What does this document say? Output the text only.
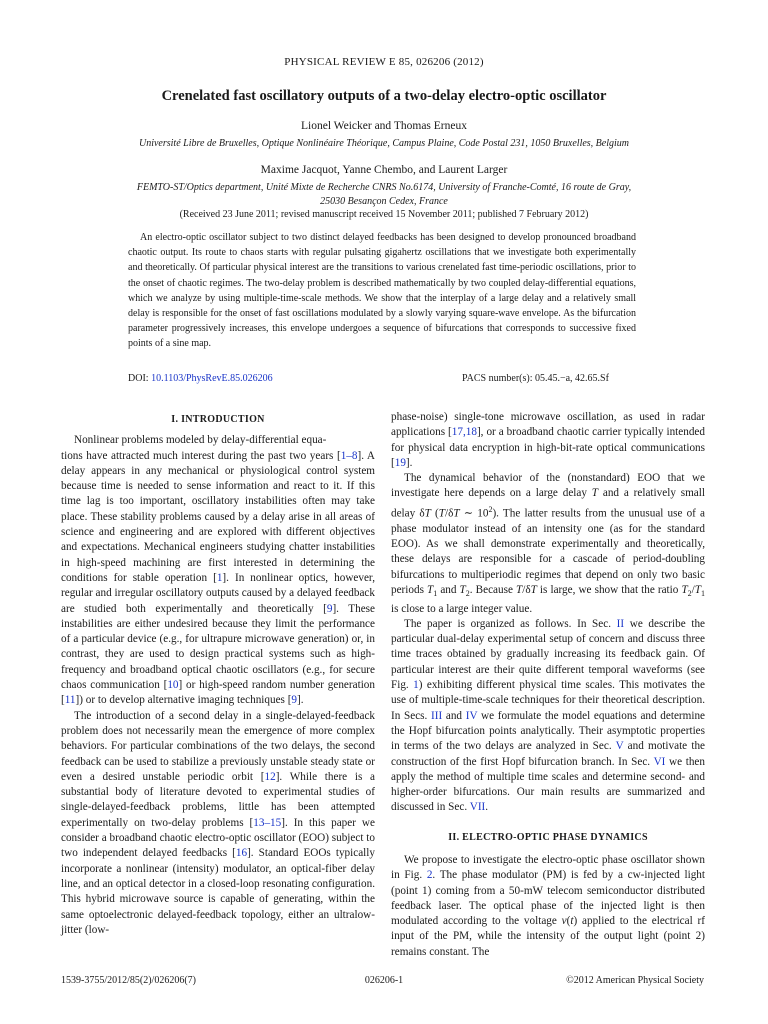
PHYSICAL REVIEW E 85, 026206 (2012)
Crenelated fast oscillatory outputs of a two-delay electro-optic oscillator
Lionel Weicker and Thomas Erneux
Université Libre de Bruxelles, Optique Nonlinéaire Théorique, Campus Plaine, Code Postal 231, 1050 Bruxelles, Belgium
Maxime Jacquot, Yanne Chembo, and Laurent Larger
FEMTO-ST/Optics department, Unité Mixte de Recherche CNRS No.6174, University of Franche-Comté, 16 route de Gray,
25030 Besançon Cedex, France
(Received 23 June 2011; revised manuscript received 15 November 2011; published 7 February 2012)

An electro-optic oscillator subject to two distinct delayed feedbacks has been designed to develop pronounced broadband chaotic output. Its route to chaos starts with regular pulsating gigahertz oscillations that we investigate both experimentally and theoretically. Of particular physical interest are the transitions to various crenelated fast time-periodic oscillations, prior to the onset of chaotic regimes. The two-delay problem is described mathematically by two coupled delay-differential equations, which we analyze by using multiple-time-scale methods. We show that the interplay of a large delay and a relatively small delay is responsible for the onset of fast oscillations modulated by a slowly varying square-wave envelope. As the bifurcation parameter progressively increases, this envelope undergoes a sequence of bifurcations that corresponds to successive fixed points of a sine map.

DOI: 10.1103/PhysRevE.85.026206	PACS number(s): 05.45.−a, 42.65.Sf
I. INTRODUCTION

Nonlinear problems modeled by delay-differential equa-
tions have attracted much interest during the past two years [1–8]. A delay appears in any mechanical or physiological control system because time is needed to sense information and react to it. If this time lag is too important, oscillatory instabilities often may take place. These stability problems caused by a delay arise in all areas of science and engineering and are explored with different objectives and expectations. Mechanical engineers studying chatter instabilities in high-speed machining are first interested in determining the conditions for stable operation [1]. In nonlinear optics, however, regular and irregular oscillatory outputs caused by a delayed feedback are studied both experimentally and theoretically [9]. These instabilities are either undesired because they limit the performance of a particular device (e.g., for ultrapure microwave generation) or, in contrast, they are used to design practical systems such as high-frequency and broadband optical chaotic oscillators (e.g., for secure chaos communication [10] or high-speed random number generation [11]) or to develop alternative imaging techniques [9].

The introduction of a second delay in a single-delayed-feedback problem does not necessarily mean the emergence of more complex behaviors. For particular combinations of the two delays, the second feedback can be used to stabilize a previously unstable steady state or even a desired unstable periodic orbit [12]. While there is a substantial body of literature devoted to experimental studies of single-delayed-feedback problems, little has been attempted experimentally on two-delay problems [13–15]. In this paper we consider a broadband chaotic electro-optic oscillator (EOO) subject to two independent delayed feedbacks [16]. Standard EOOs typically incorporate a nonlinear (intensity) modulator, an optical-fiber delay line, and an optical detector in a closed-loop resonating configuration. This hybrid microwave source is capable of generating, within the same optoelectronic delayed-feedback topology, either an ultralow-jitter (low-

phase-noise) single-tone microwave oscillation, as used in radar applications [17,18], or a broadband chaotic carrier typically intended for physical data encryption in high-bit-rate optical communications [19].

The dynamical behavior of the (nonstandard) EOO that we investigate here depends on a large delay T and a relatively small delay δT (T/δT ∼ $10^2$). The latter results from the unusual use of a phase modulator instead of an intensity one (as for the standard EOO). As we shall demonstrate experimentally and theoretically, these delays are responsible for a cascade of period-doubling bifurcations to multiperiodic regimes that depend on only two basic periods $T_1$ and $T_2$. Because T/δT is large, we show that the ratio $T_2/T_1$ is close to a large integer value.

The paper is organized as follows. In Sec. II we describe the particular dual-delay experimental setup of concern and discuss three time traces obtained by gradually increasing its feedback gain. Of particular interest are their quite different temporal waveforms (see Fig. 1) exhibiting different physical time scales. This motivates the use of multiple-time-scale techniques for their theoretical description. In Secs. III and IV we formulate the model equations and determine the Hopf bifurcation points analytically. Their asymptotic properties in terms of the two delays are analyzed in Sec. V and motivate the construction of the first Hopf bifurcation branch. In Sec. VI we then apply the method of multiple time scales and determine second- and higher-order bifurcations. Our main results are summarized and discussed in Sec. VII.

II. ELECTRO-OPTIC PHASE DYNAMICS

We propose to investigate the electro-optic phase oscillator shown in Fig. 2. The phase modulator (PM) is fed by a cw-injected light (point 1) coming from a 50-mW telecom semiconductor distributed feedback laser. The optical phase of the injected light is then modulated according to the voltage v(t) applied to the electrical rf input of the PM, while the intensity of the output light (point 2) remains constant. The

1539-3755/2012/85(2)/026206(7)	026206-1	©2012 American Physical Society
